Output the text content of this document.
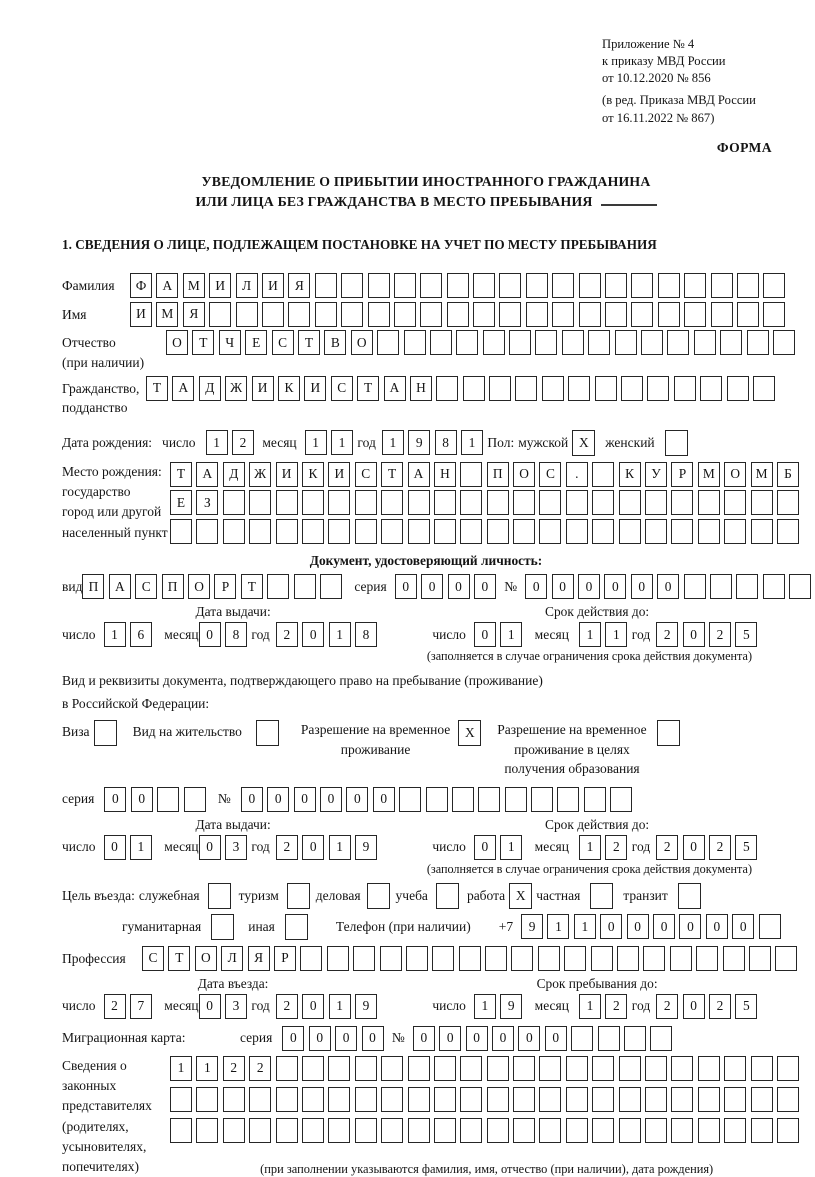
Приложение № 4
к приказу МВД России
от 10.12.2020 № 856
(в ред. Приказа МВД России
от 16.11.2022 № 867)
ФОРМА
УВЕДОМЛЕНИЕ О ПРИБЫТИИ ИНОСТРАННОГО ГРАЖДАНИНА
ИЛИ ЛИЦА БЕЗ ГРАЖДАНСТВА В МЕСТО ПРЕБЫВАНИЯ
1. СВЕДЕНИЯ О ЛИЦЕ, ПОДЛЕЖАЩЕМ ПОСТАНОВКЕ НА УЧЕТ ПО МЕСТУ ПРЕБЫВАНИЯ
Фамилия	Ф	А	М	И	Л	И	Я
Имя	И	М	Я
Отчество
(при наличии)
О	Т	Ч	Е	С	Т	В	О
Гражданство,
подданство
Т	А	Д	Ж	И	К	И	С	Т	А	Н
Дата рождения: число	1	2	месяц	1	1 год	1	9	8	1 Пол: мужской X	женский
Место рождения:
государство
город или другой
населенный пункт
Т	А	Д	Ж	И	К	И	С	Т	А	Н	П	О	С	.	К	У	Р	М	О	М	Б
Е	З
Документ, удостоверяющий личность:
вид П	А	С	П	О	Р	Т	серия	0	0	0	0	№	0	0	0	0	0	0
Дата выдачи:
число	1	6	месяц 0	8 год	2	0	1	8
Срок действия до:
число	0	1	месяц	1	1 год	2	0	2	5
(заполняется в случае ограничения срока действия документа)
Вид и реквизиты документа, подтверждающего право на пребывание (проживание)
в Российской Федерации:
Виза	Вид на жительство	Разрешение на временное
проживание
X	Разрешение на временное
проживание в целях
получения образования
серия	0	0	№	0	0	0	0	0	0
Дата выдачи:
число	0	1	месяц 0	3 год	2	0	1	9
Срок действия до:
число	0	1	месяц	1	2 год	2	0	2	5
(заполняется в случае ограничения срока действия документа)
Цель въезда: служебная	туризм	деловая	учеба	работа X частная	транзит
гуманитарная	иная	Телефон (при наличии) +7	9	1	1	0	0	0	0	0	0
Профессия	С	Т	О	Л	Я	Р
Дата въезда:
число	2	7	месяц 0	3 год	2	0	1	9
Срок пребывания до:
число	1	9	месяц	1	2 год	2	0	2	5
Миграционная карта:	серия	0	0	0	0	№	0	0	0	0	0	0
Сведения о
законных
представителях
(родителях,
усыновителях,
попечителях)
1	1	2	2
(при заполнении указываются фамилия, имя, отчество (при наличии), дата рождения)
